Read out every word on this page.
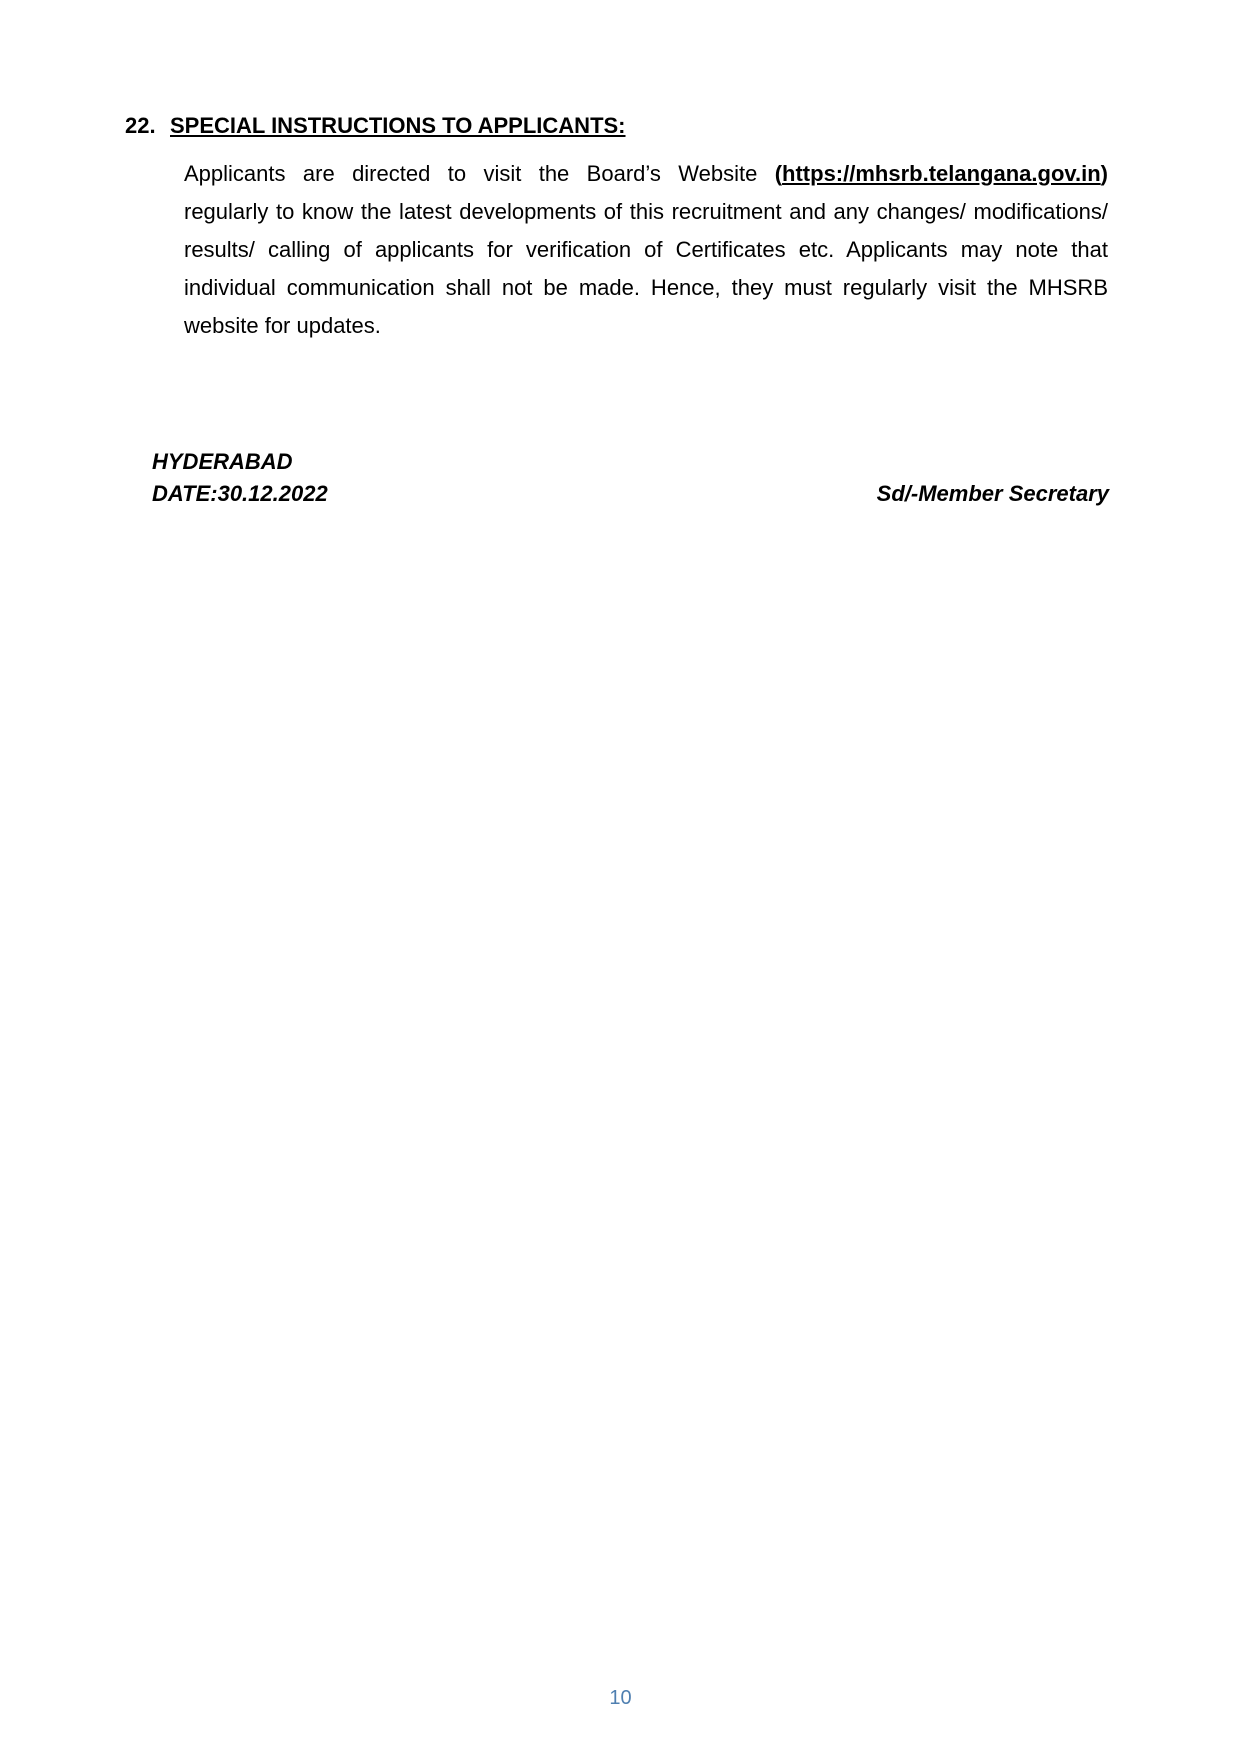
22. SPECIAL INSTRUCTIONS TO APPLICANTS:
Applicants are directed to visit the Board’s Website (https://mhsrb.telangana.gov.in) regularly to know the latest developments of this recruitment and any changes/ modifications/ results/ calling of applicants for verification of Certificates etc. Applicants may note that individual communication shall not be made. Hence, they must regularly visit the MHSRB website for updates.
HYDERABAD
DATE:30.12.2022	Sd/-Member Secretary
10
